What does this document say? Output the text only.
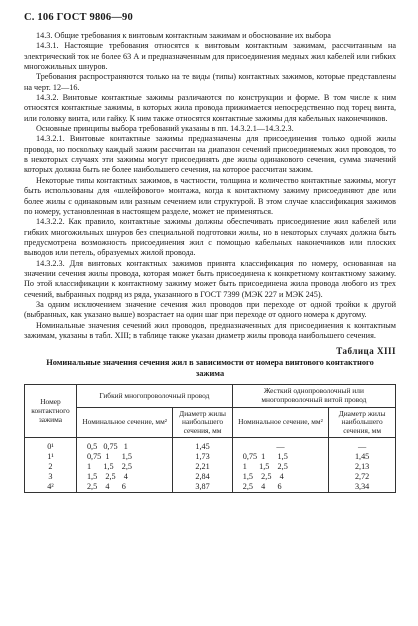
С. 106 ГОСТ 9806—90

14.3. Общие требования к винтовым контактным зажимам и обоснование их выбора

14.3.1. Настоящие требования относятся к винтовым контактным зажимам, рассчитанным на электрический ток не более 63 А и предназначенным для присоединения медных жил кабелей или гибких многожильных шнуров.

Требования распространяются только на те виды (типы) контактных зажимов, которые представлены на черт. 12—16.

14.3.2. Винтовые контактные зажимы различаются по конструкции и форме. В том числе к ним относятся контактные зажимы, в которых жила провода прижимается непосредственно под торец винта, или головку винта, или гайку. К ним также относятся контактные зажимы для кабельных наконечников.

Основные принципы выбора требований указаны в пп. 14.3.2.1—14.3.2.3.

14.3.2.1. Винтовые контактные зажимы предназначены для присоединения только одной жилы провода, но поскольку каждый зажим рассчитан на диапазон сечений присоединяемых жил проводов, то в некоторых случаях эти зажимы могут присоединять две жилы одинакового сечения, сумма значений которых должна быть не более наибольшего сечения, на которое рассчитан зажим.

Некоторые типы контактных зажимов, в частности, толщина и количество контактные зажимы, могут быть использованы для «шлейфового» монтажа, когда к контактному зажиму присоединяют две или более жилы с одинаковым или разным сечением или структурой. В этом случае классификация зажимов по номеру, установленная в настоящем разделе, может не применяться.

14.3.2.2. Как правило, контактные зажимы должны обеспечивать присоединение жил кабелей или гибких многожильных шнуров без специальной подготовки жилы, но в некоторых случаях должна быть предусмотрена возможность присоединения жил с помощью кабельных наконечников или плоских выводов или петель, образуемых жилой провода.

14.3.2.3. Для винтовых контактных зажимов принята классификация по номеру, основанная на значении сечения жилы провода, которая может быть присоединена к конкретному контактному зажиму. По этой классификации к контактному зажиму может быть присоединена жила провода любого из трех сечений, выбранных подряд из ряда, указанного в ГОСТ 7399 (МЭК 227 и МЭК 245).

За одним исключением значение сечения жил проводов при переходе от одной тройки к другой (выбранных, как указано выше) возрастает на один шаг при переходе от одного номера к другому.

Номинальные значения сечений жил проводов, предназначенных для присоединения к контактным зажимам, указаны в табл. XIII; в таблице также указан диаметр жилы провода наибольшего сечения.

Таблица XIII
Номинальные значения сечения жил в зависимости от номера винтового контактного зажима
Номер контактного зажима	Гибкий многопроволочный провод		Жесткий однопроволочный или многопроволочный витой провод	
	Номинальное сечение, мм²	Диаметр жилы наибольшего сечения, мм	Номинальное сечение, мм²	Диаметр жилы наибольшего сечения, мм
0¹	0,5   0,75   1	1,45	—	—
1¹	0,75  1      1,5	1,73	0,75  1      1,5	1,45
2	1      1,5    2,5	2,21	1      1,5    2,5	2,13
3	1,5    2,5    4	2,84	1,5    2,5    4	2,72
4²	2,5    4      6	3,87	2,5    4      6	3,34
